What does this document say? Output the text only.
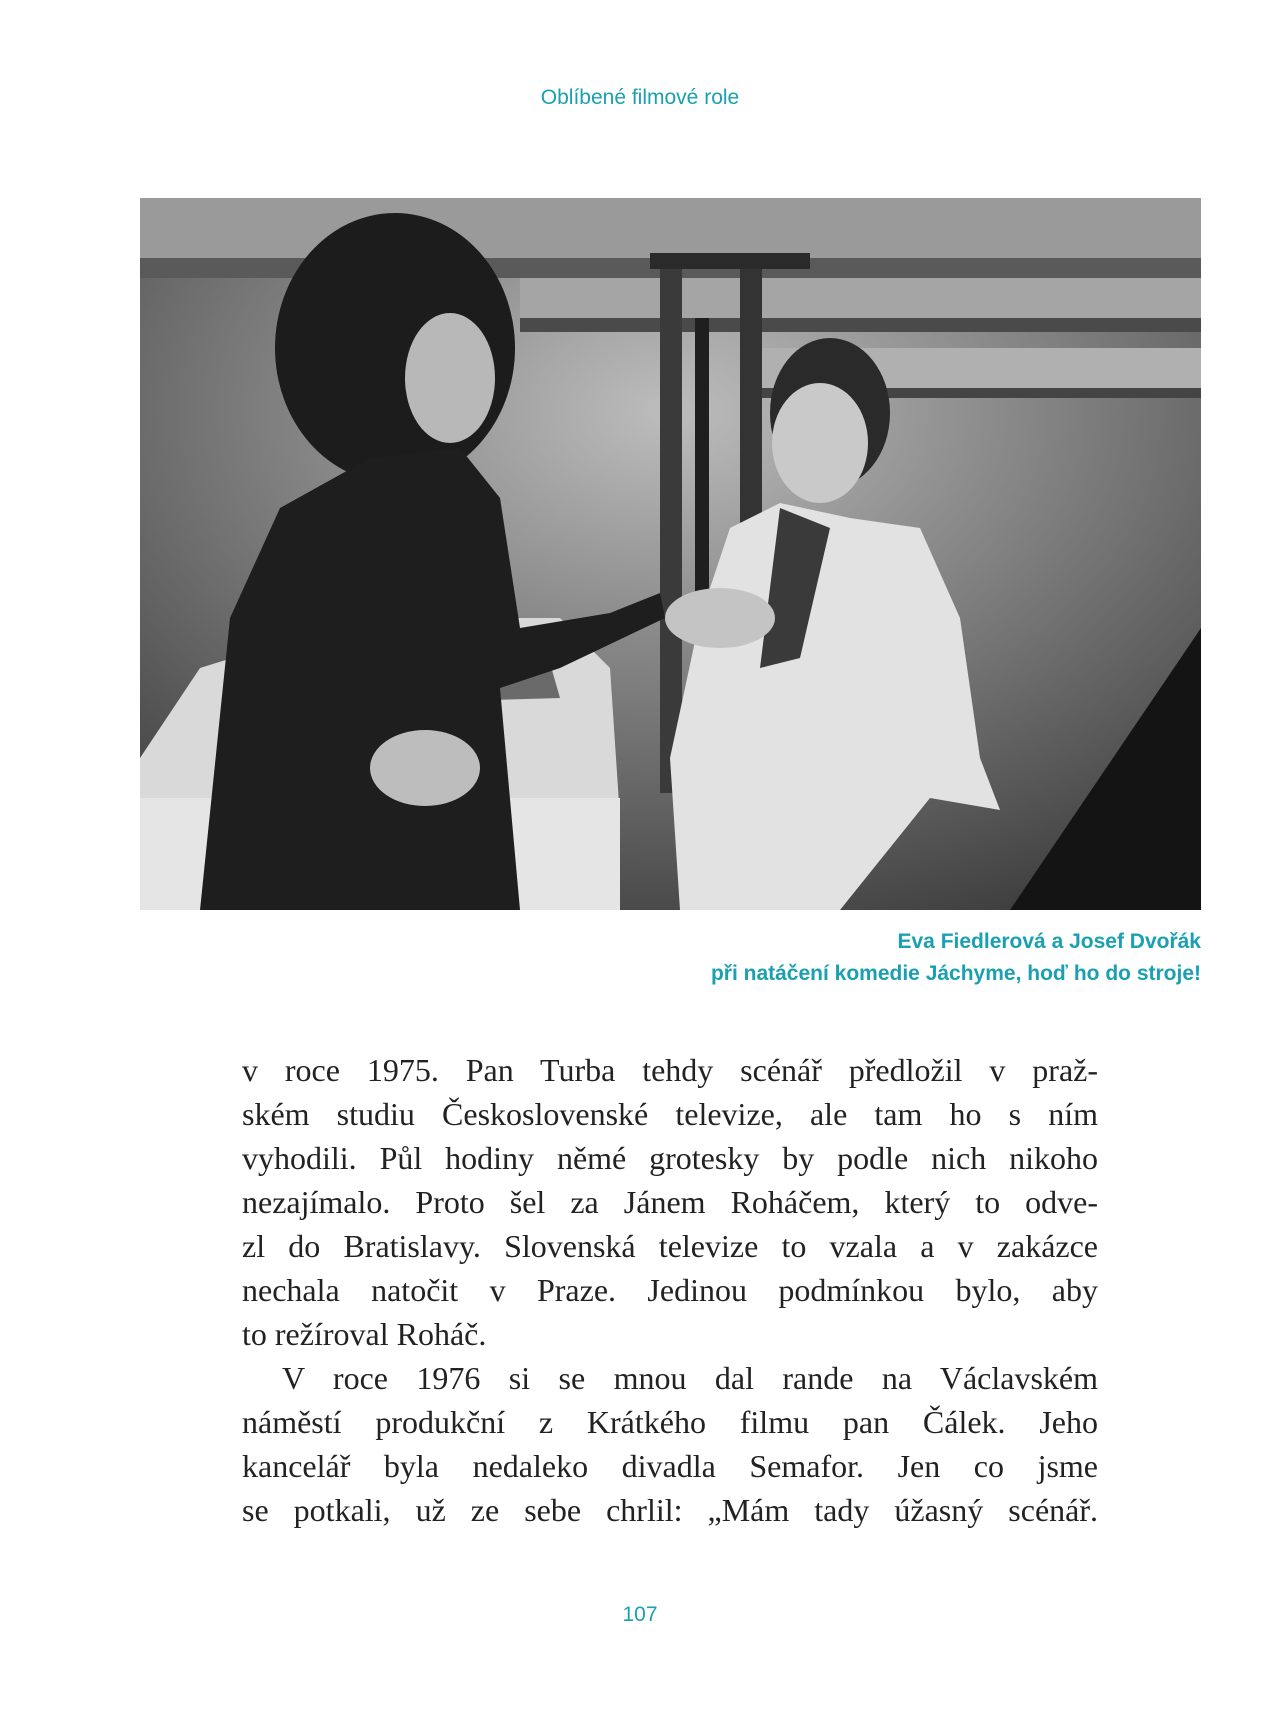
Oblíbené filmové role
Eva Fiedlerová a Josef Dvořák
při natáčení komedie Jáchyme, hoď ho do stroje!
v roce 1975. Pan Turba tehdy scénář předložil v praž-
ském studiu Československé televize, ale tam ho s ním
vyhodili. Půl hodiny němé grotesky by podle nich nikoho
nezajímalo. Proto šel za Jánem Roháčem, který to odve-
zl do Bratislavy. Slovenská televize to vzala a v zakázce
nechala natočit v Praze. Jedinou podmínkou bylo, aby
to režíroval Roháč.
V roce 1976 si se mnou dal rande na Václavském
náměstí produkční z Krátkého filmu pan Čálek. Jeho
kancelář byla nedaleko divadla Semafor. Jen co jsme
se potkali, už ze sebe chrlil: „Mám tady úžasný scénář.
107
